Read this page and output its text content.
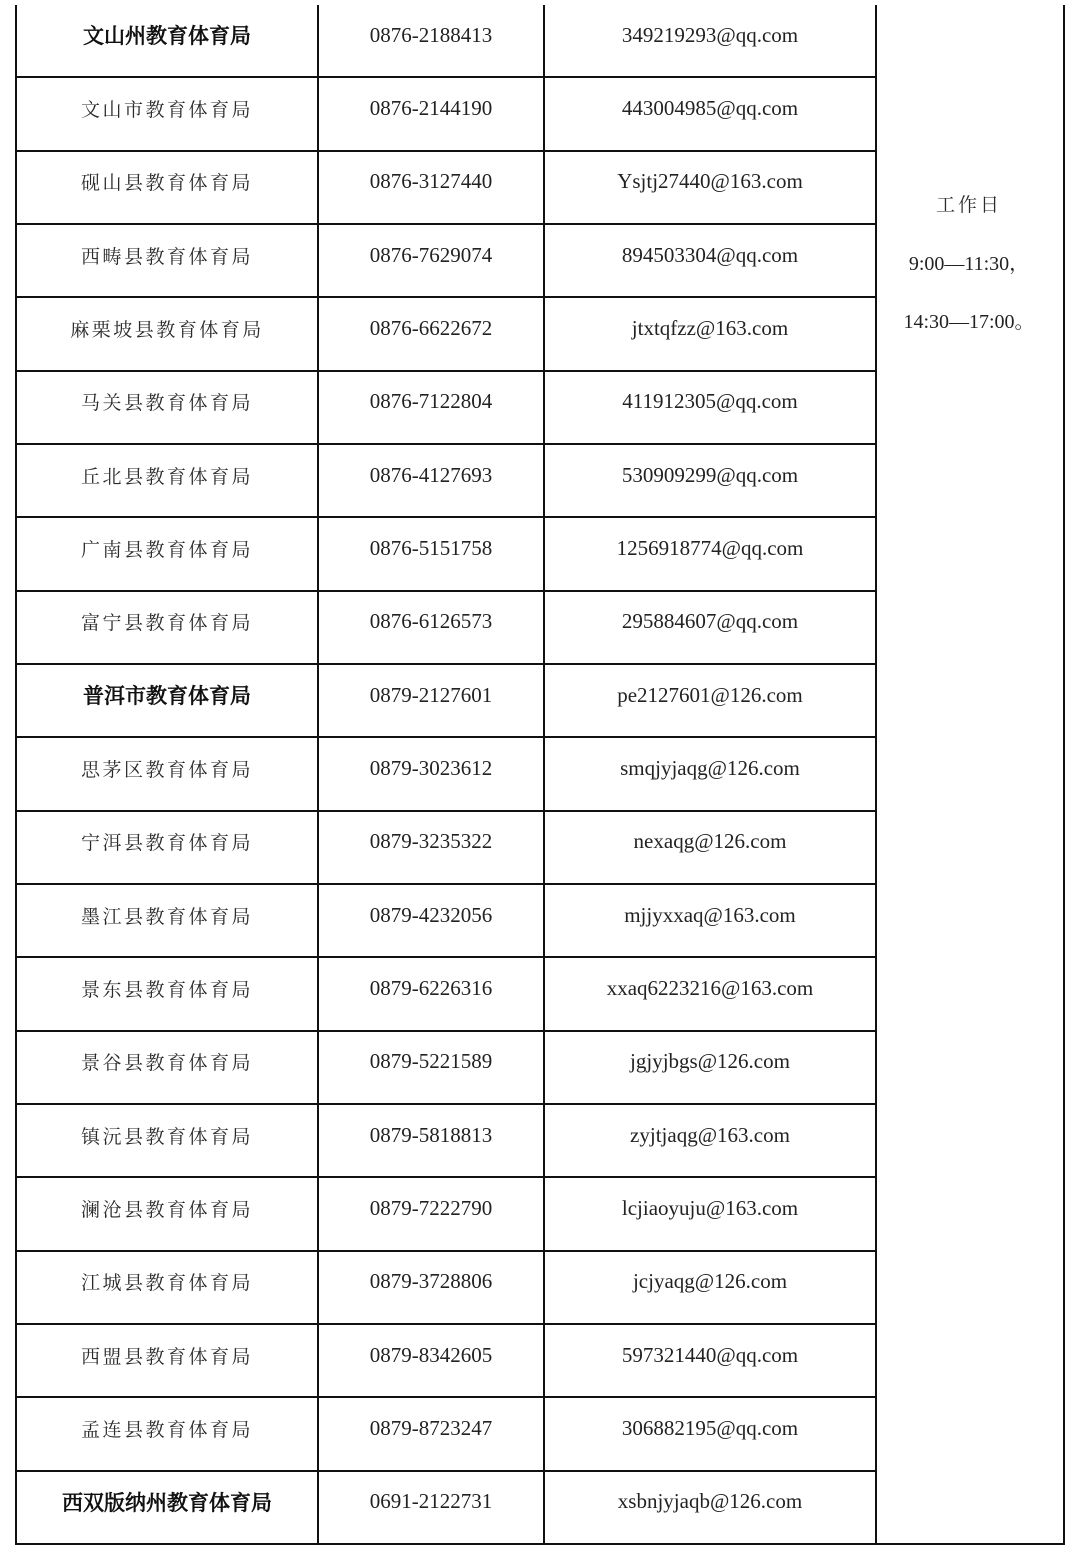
文山州教育体育局	0876-2188413	349219293@qq.com
文山市教育体育局	0876-2144190	443004985@qq.com
砚山县教育体育局	0876-3127440	Ysjtj27440@163.com
西畴县教育体育局	0876-7629074	894503304@qq.com
麻栗坡县教育体育局	0876-6622672	jtxtqfzz@163.com
马关县教育体育局	0876-7122804	411912305@qq.com
丘北县教育体育局	0876-4127693	530909299@qq.com
广南县教育体育局	0876-5151758	1256918774@qq.com
富宁县教育体育局	0876-6126573	295884607@qq.com
普洱市教育体育局	0879-2127601	pe2127601@126.com
思茅区教育体育局	0879-3023612	smqjyjaqg@126.com
宁洱县教育体育局	0879-3235322	nexaqg@126.com
墨江县教育体育局	0879-4232056	mjjyxxaq@163.com
景东县教育体育局	0879-6226316	xxaq6223216@163.com
景谷县教育体育局	0879-5221589	jgjyjbgs@126.com
镇沅县教育体育局	0879-5818813	zyjtjaqg@163.com
澜沧县教育体育局	0879-7222790	lcjiaoyuju@163.com
江城县教育体育局	0879-3728806	jcjyaqg@126.com
西盟县教育体育局	0879-8342605	597321440@qq.com
孟连县教育体育局	0879-8723247	306882195@qq.com
西双版纳州教育体育局	0691-2122731	xsbnjyjaqb@126.com
工作日
9:00—11:30，
14:30—17:00。
